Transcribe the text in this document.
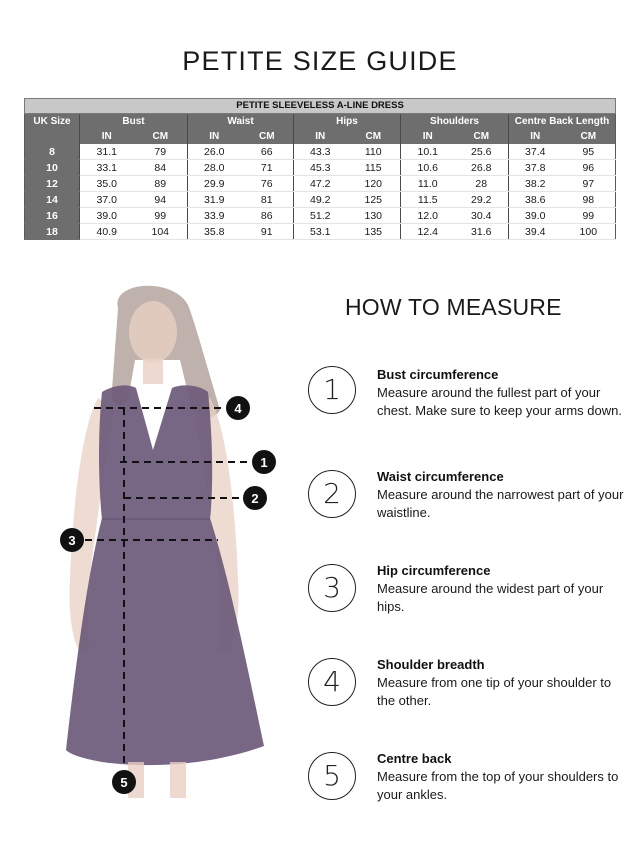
PETITE SIZE GUIDE
PETITE SLEEVELESS A-LINE DRESS										
UK Size	Bust		Waist		Hips		Shoulders		Centre Back Length	
	IN	CM	IN	CM	IN	CM	IN	CM	IN	CM
8	31.1	79	26.0	66	43.3	110	10.1	25.6	37.4	95
10	33.1	84	28.0	71	45.3	115	10.6	26.8	37.8	96
12	35.0	89	29.9	76	47.2	120	11.0	28	38.2	97
14	37.0	94	31.9	81	49.2	125	11.5	29.2	38.6	98
16	39.0	99	33.9	86	51.2	130	12.0	30.4	39.0	99
18	40.9	104	35.8	91	53.1	135	12.4	31.6	39.4	100
4
1
2
3
5
HOW TO MEASURE
1	Bust circumference
Measure around the fullest part of your chest. Make sure to keep your arms down.
2
Waist circumference
Measure around the narrowest part of your waistline.
3
Hip circumference
Measure around the widest part of your hips.
4
Shoulder breadth
Measure from one tip of your shoulder to the other.
5
Centre back
Measure from the top of your shoulders to your ankles.
